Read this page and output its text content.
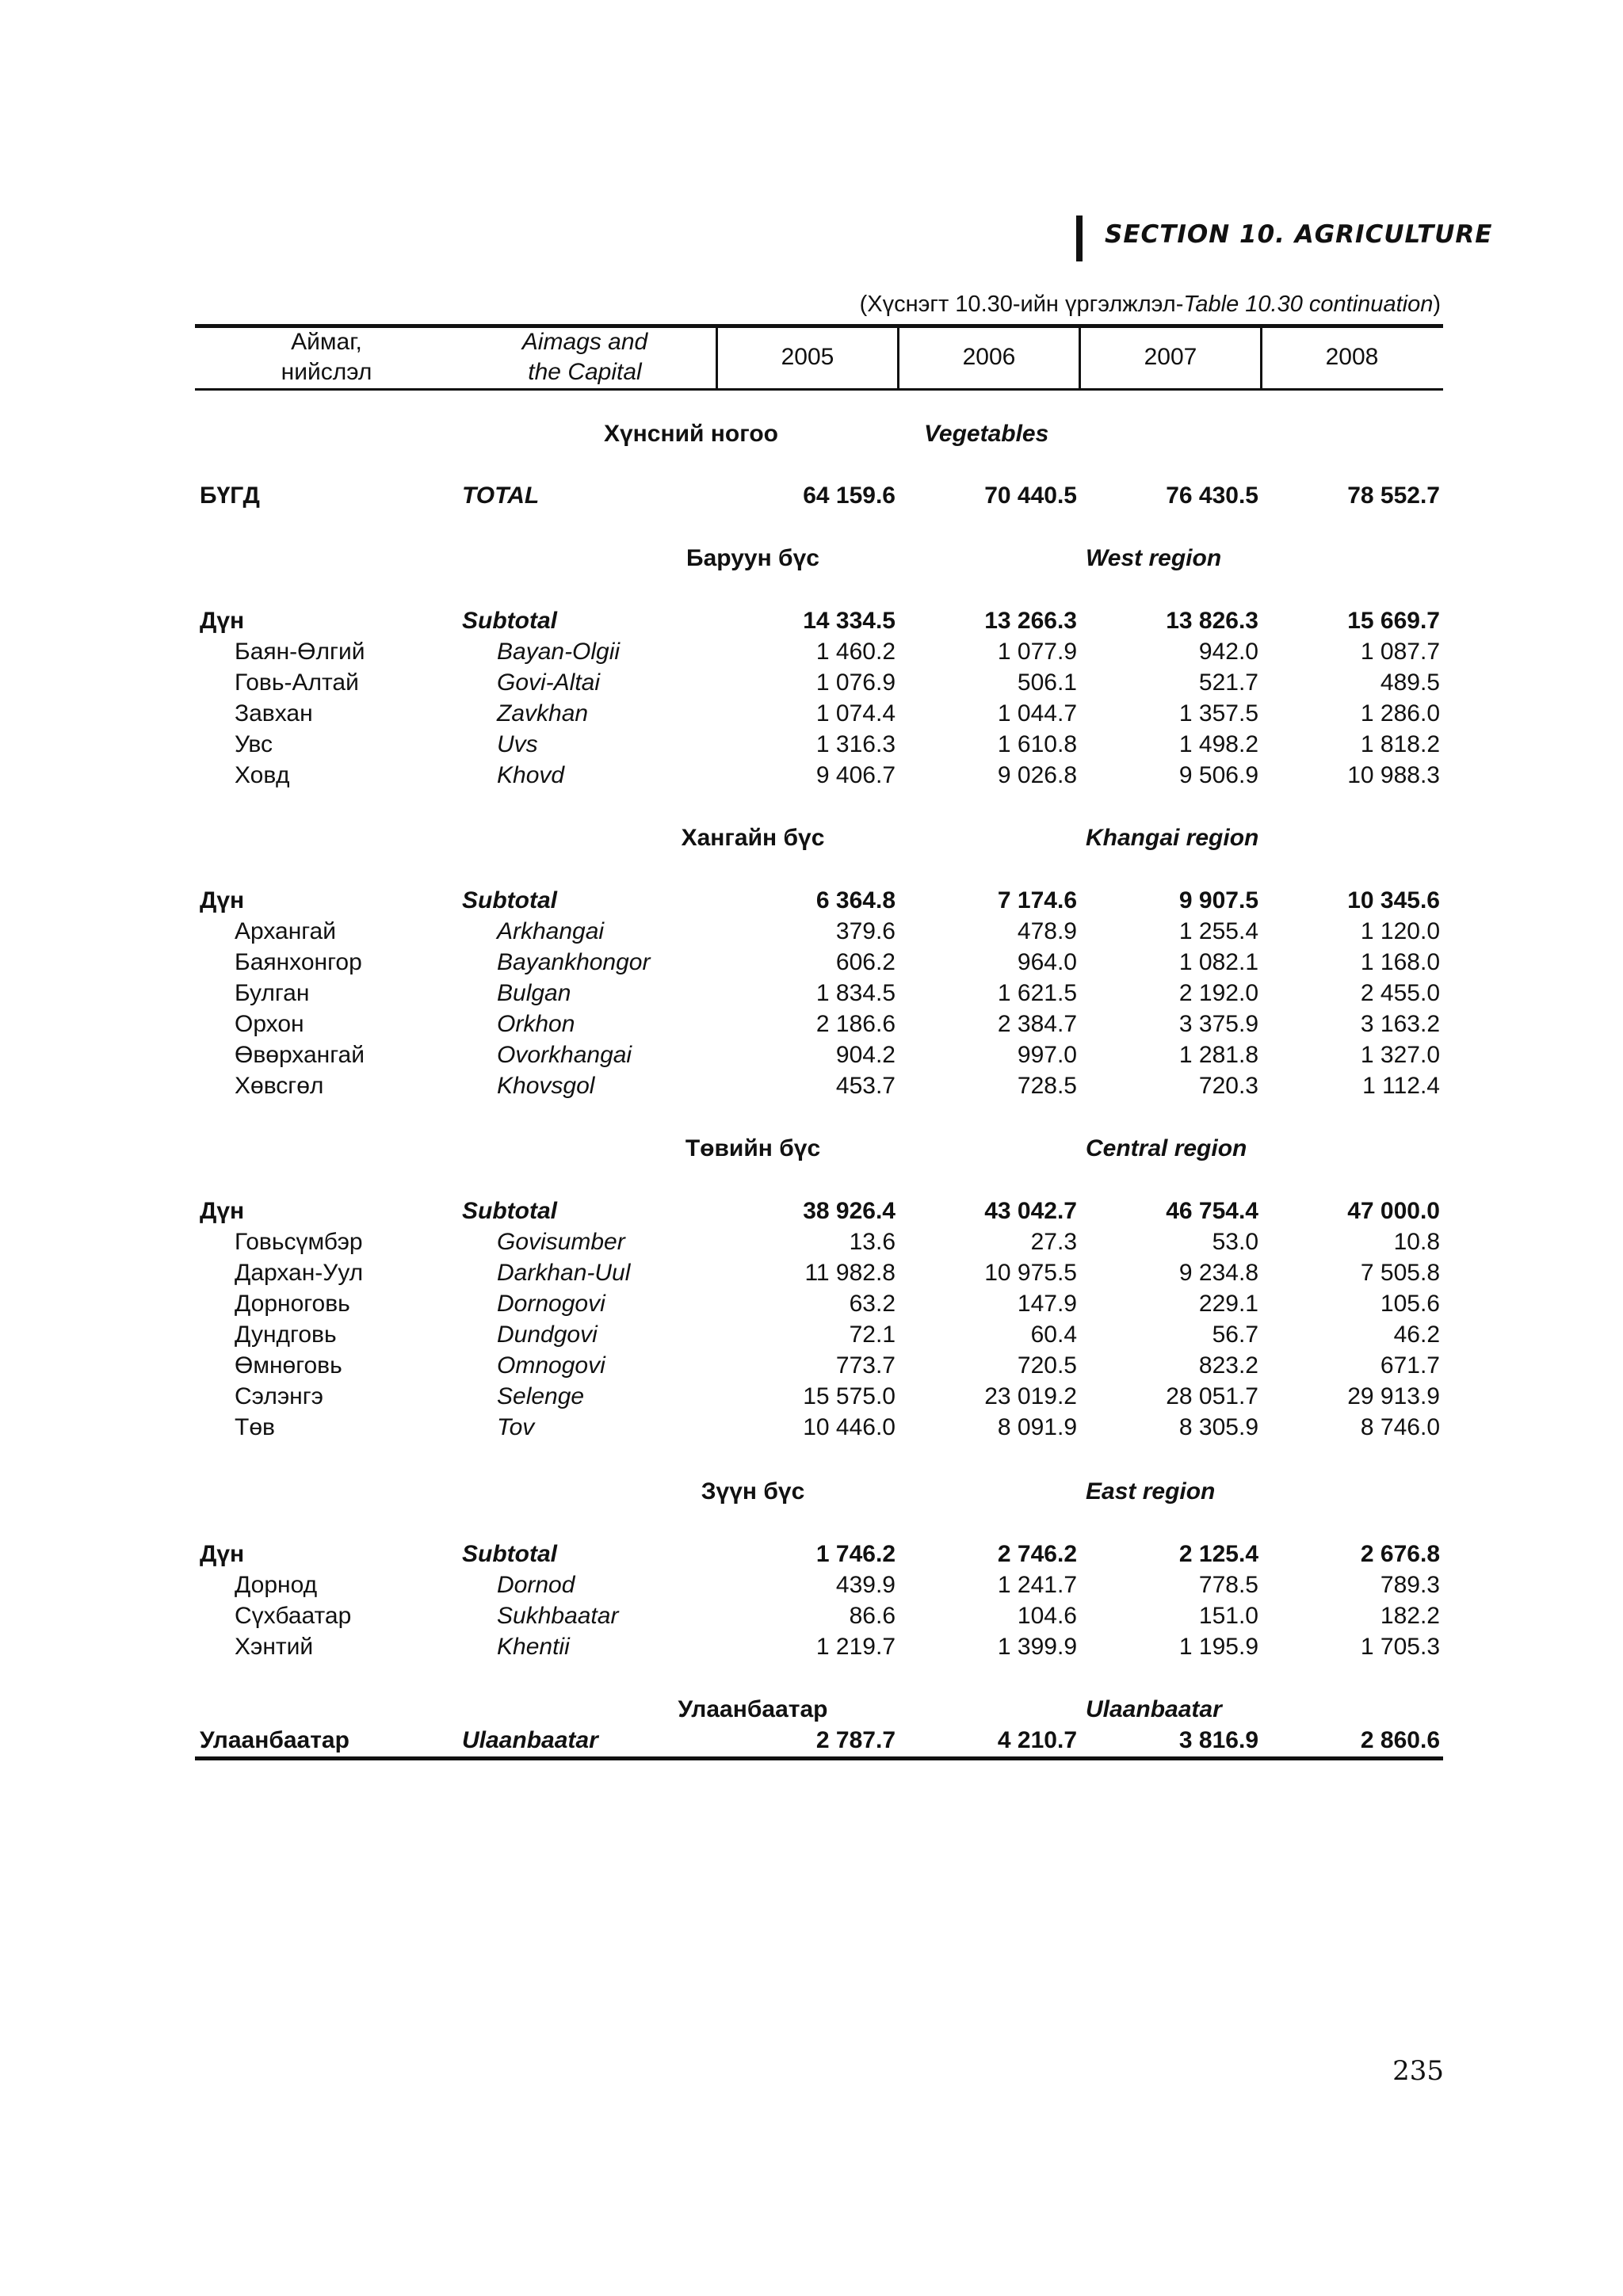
SECTION 10. AGRICULTURE
(Хүснэгт 10.30-ийн үргэлжлэл-Table 10.30 continuation)
Аймаг,
нийслэл
Aimags and
the Capital
2005	2006	2007	2008
Хүнсний ногоо	Vegetables
БҮГД	TOTAL	64 159.6	70 440.5	76 430.5	78 552.7
Баруун бүс	West region
Дүн	Subtotal	14 334.5	13 266.3	13 826.3	15 669.7
Баян-Өлгий	Bayan-Olgii	1 460.2	1 077.9	942.0	1 087.7
Говь-Алтай	Govi-Altai	1 076.9	506.1	521.7	489.5
Завхан	Zavkhan	1 074.4	1 044.7	1 357.5	1 286.0
Увс	Uvs	1 316.3	1 610.8	1 498.2	1 818.2
Ховд	Khovd	9 406.7	9 026.8	9 506.9	10 988.3
Хангайн бүс	Khangai region
Дүн	Subtotal	6 364.8	7 174.6	9 907.5	10 345.6
Архангай	Arkhangai	379.6	478.9	1 255.4	1 120.0
Баянхонгор	Bayankhongor	606.2	964.0	1 082.1	1 168.0
Булган	Bulgan	1 834.5	1 621.5	2 192.0	2 455.0
Орхон	Orkhon	2 186.6	2 384.7	3 375.9	3 163.2
Өвөрхангай	Ovorkhangai	904.2	997.0	1 281.8	1 327.0
Хөвсгөл	Khovsgol	453.7	728.5	720.3	1 112.4
Төвийн бүс	Central region
Дүн	Subtotal	38 926.4	43 042.7	46 754.4	47 000.0
Говьсүмбэр	Govisumber	13.6	27.3	53.0	10.8
Дархан-Уул	Darkhan-Uul	11 982.8	10 975.5	9 234.8	7 505.8
Дорноговь	Dornogovi	63.2	147.9	229.1	105.6
Дундговь	Dundgovi	72.1	60.4	56.7	46.2
Өмнөговь	Omnogovi	773.7	720.5	823.2	671.7
Сэлэнгэ	Selenge	15 575.0	23 019.2	28 051.7	29 913.9
Төв	Tov	10 446.0	8 091.9	8 305.9	8 746.0
Зүүн бүс	East region
Дүн	Subtotal	1 746.2	2 746.2	2 125.4	2 676.8
Дорнод	Dornod	439.9	1 241.7	778.5	789.3
Сүхбаатар	Sukhbaatar	86.6	104.6	151.0	182.2
Хэнтий	Khentii	1 219.7	1 399.9	1 195.9	1 705.3
Улаанбаатар	Ulaanbaatar
Улаанбаатар	Ulaanbaatar	2 787.7	4 210.7	3 816.9	2 860.6
235
